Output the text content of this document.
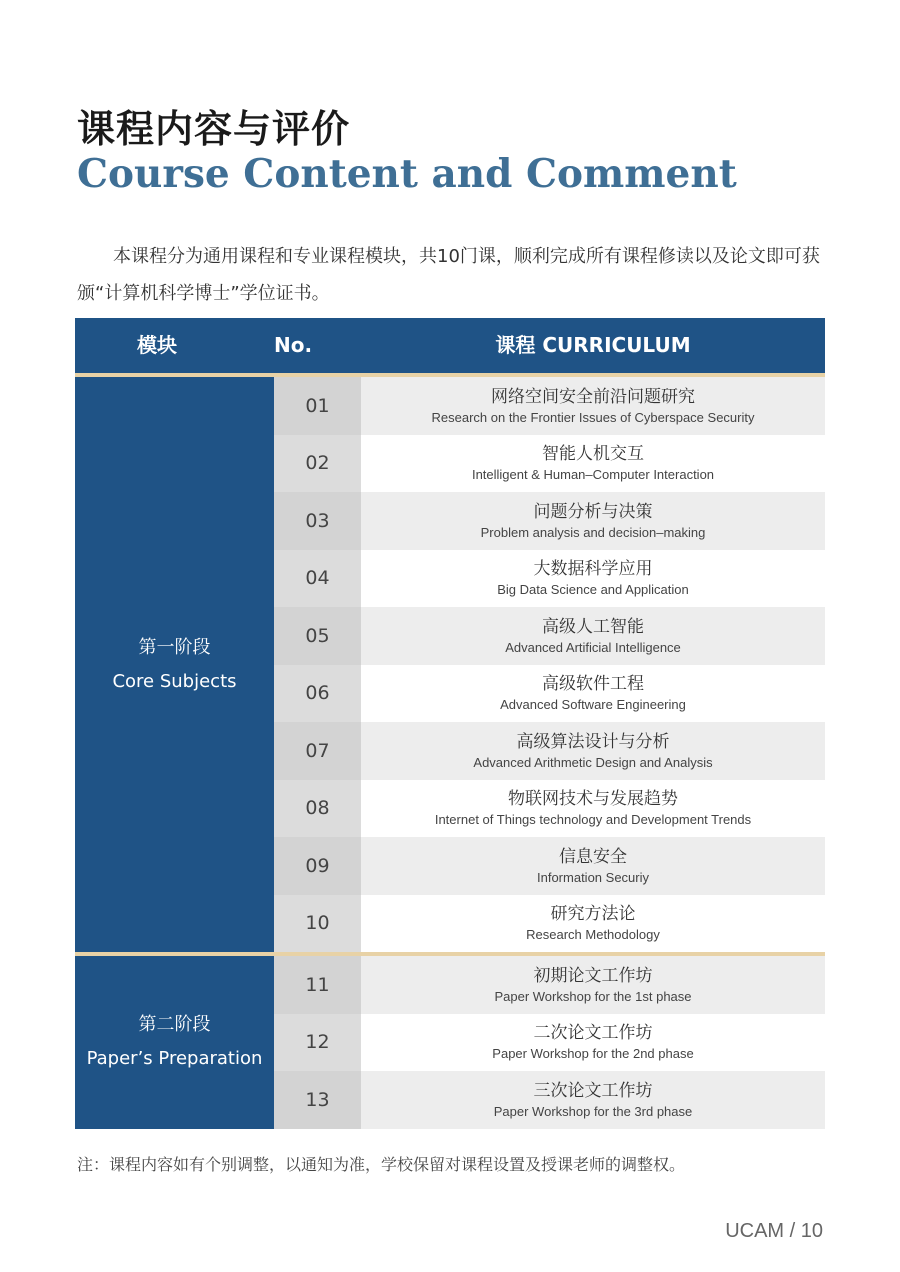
课程内容与评价
Course Content and Comment

本课程分为通用课程和专业课程模块，共10门课，顺利完成所有课程修读以及论文即可获颁“计算机科学博士”学位证书。

模块	No.	课程 CURRICULUM
第一阶段
Core Subjects
01	网络空间安全前沿问题研究
Research on the Frontier Issues of Cyberspace Security
02	智能人机交互
Intelligent & Human–Computer Interaction
03	问题分析与决策
Problem analysis and decision–making
04	大数据科学应用
Big Data Science and Application
05	高级人工智能
Advanced Artificial Intelligence
06	高级软件工程
Advanced Software Engineering
07	高级算法设计与分析
Advanced Arithmetic Design and Analysis
08	物联网技术与发展趋势
Internet of Things technology and Development Trends
09	信息安全
Information Securiy
10	研究方法论
Research Methodology
第二阶段
Paper’s Preparation
11	初期论文工作坊
Paper Workshop for the 1st phase
12	二次论文工作坊
Paper Workshop for the 2nd phase
13	三次论文工作坊
Paper Workshop for the 3rd phase
注：课程内容如有个别调整，以通知为准，学校保留对课程设置及授课老师的调整权。
UCAM / 10
